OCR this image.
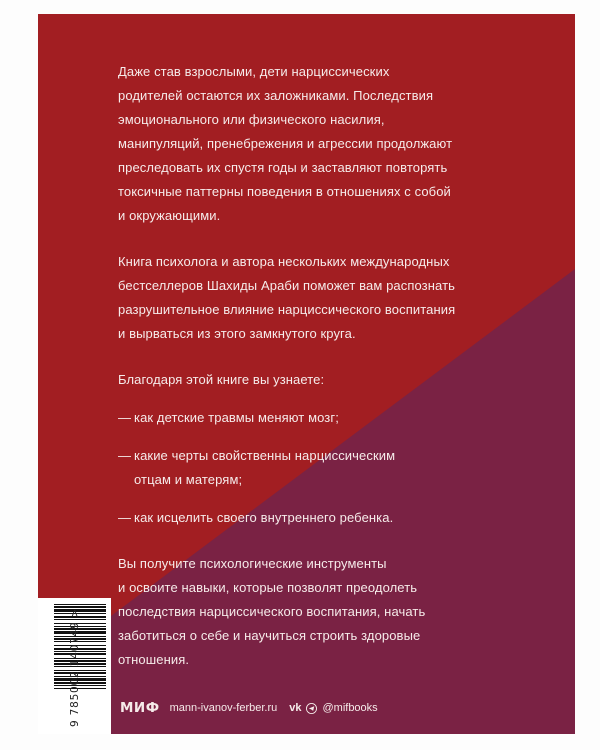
Даже став взрослыми, дети нарциссических

родителей остаются их заложниками. Последствия

эмоционального или физического насилия,

манипуляций, пренебрежения и агрессии продолжают

преследовать их спустя годы и заставляют повторять

токсичные паттерны поведения в отношениях с собой

и окружающими.

Книга психолога и автора нескольких международных

бестселлеров Шахиды Араби поможет вам распознать

разрушительное влияние нарциссического воспитания

и вырваться из этого замкнутого круга.

Благодаря этой книге вы узнаете:

— как детские травмы меняют мозг;

— какие черты свойственны нарциссическим

отцам и матерям;

— как исцелить своего внутреннего ребенка.

Вы получите психологические инструменты

и освоите навыки, которые позволят преодолеть

последствия нарциссического воспитания, начать

заботиться о себе и научиться строить здоровые

отношения.

9 785002 140749 >
МИФ mann-ivanov-ferber.ru vk @mifbooks
